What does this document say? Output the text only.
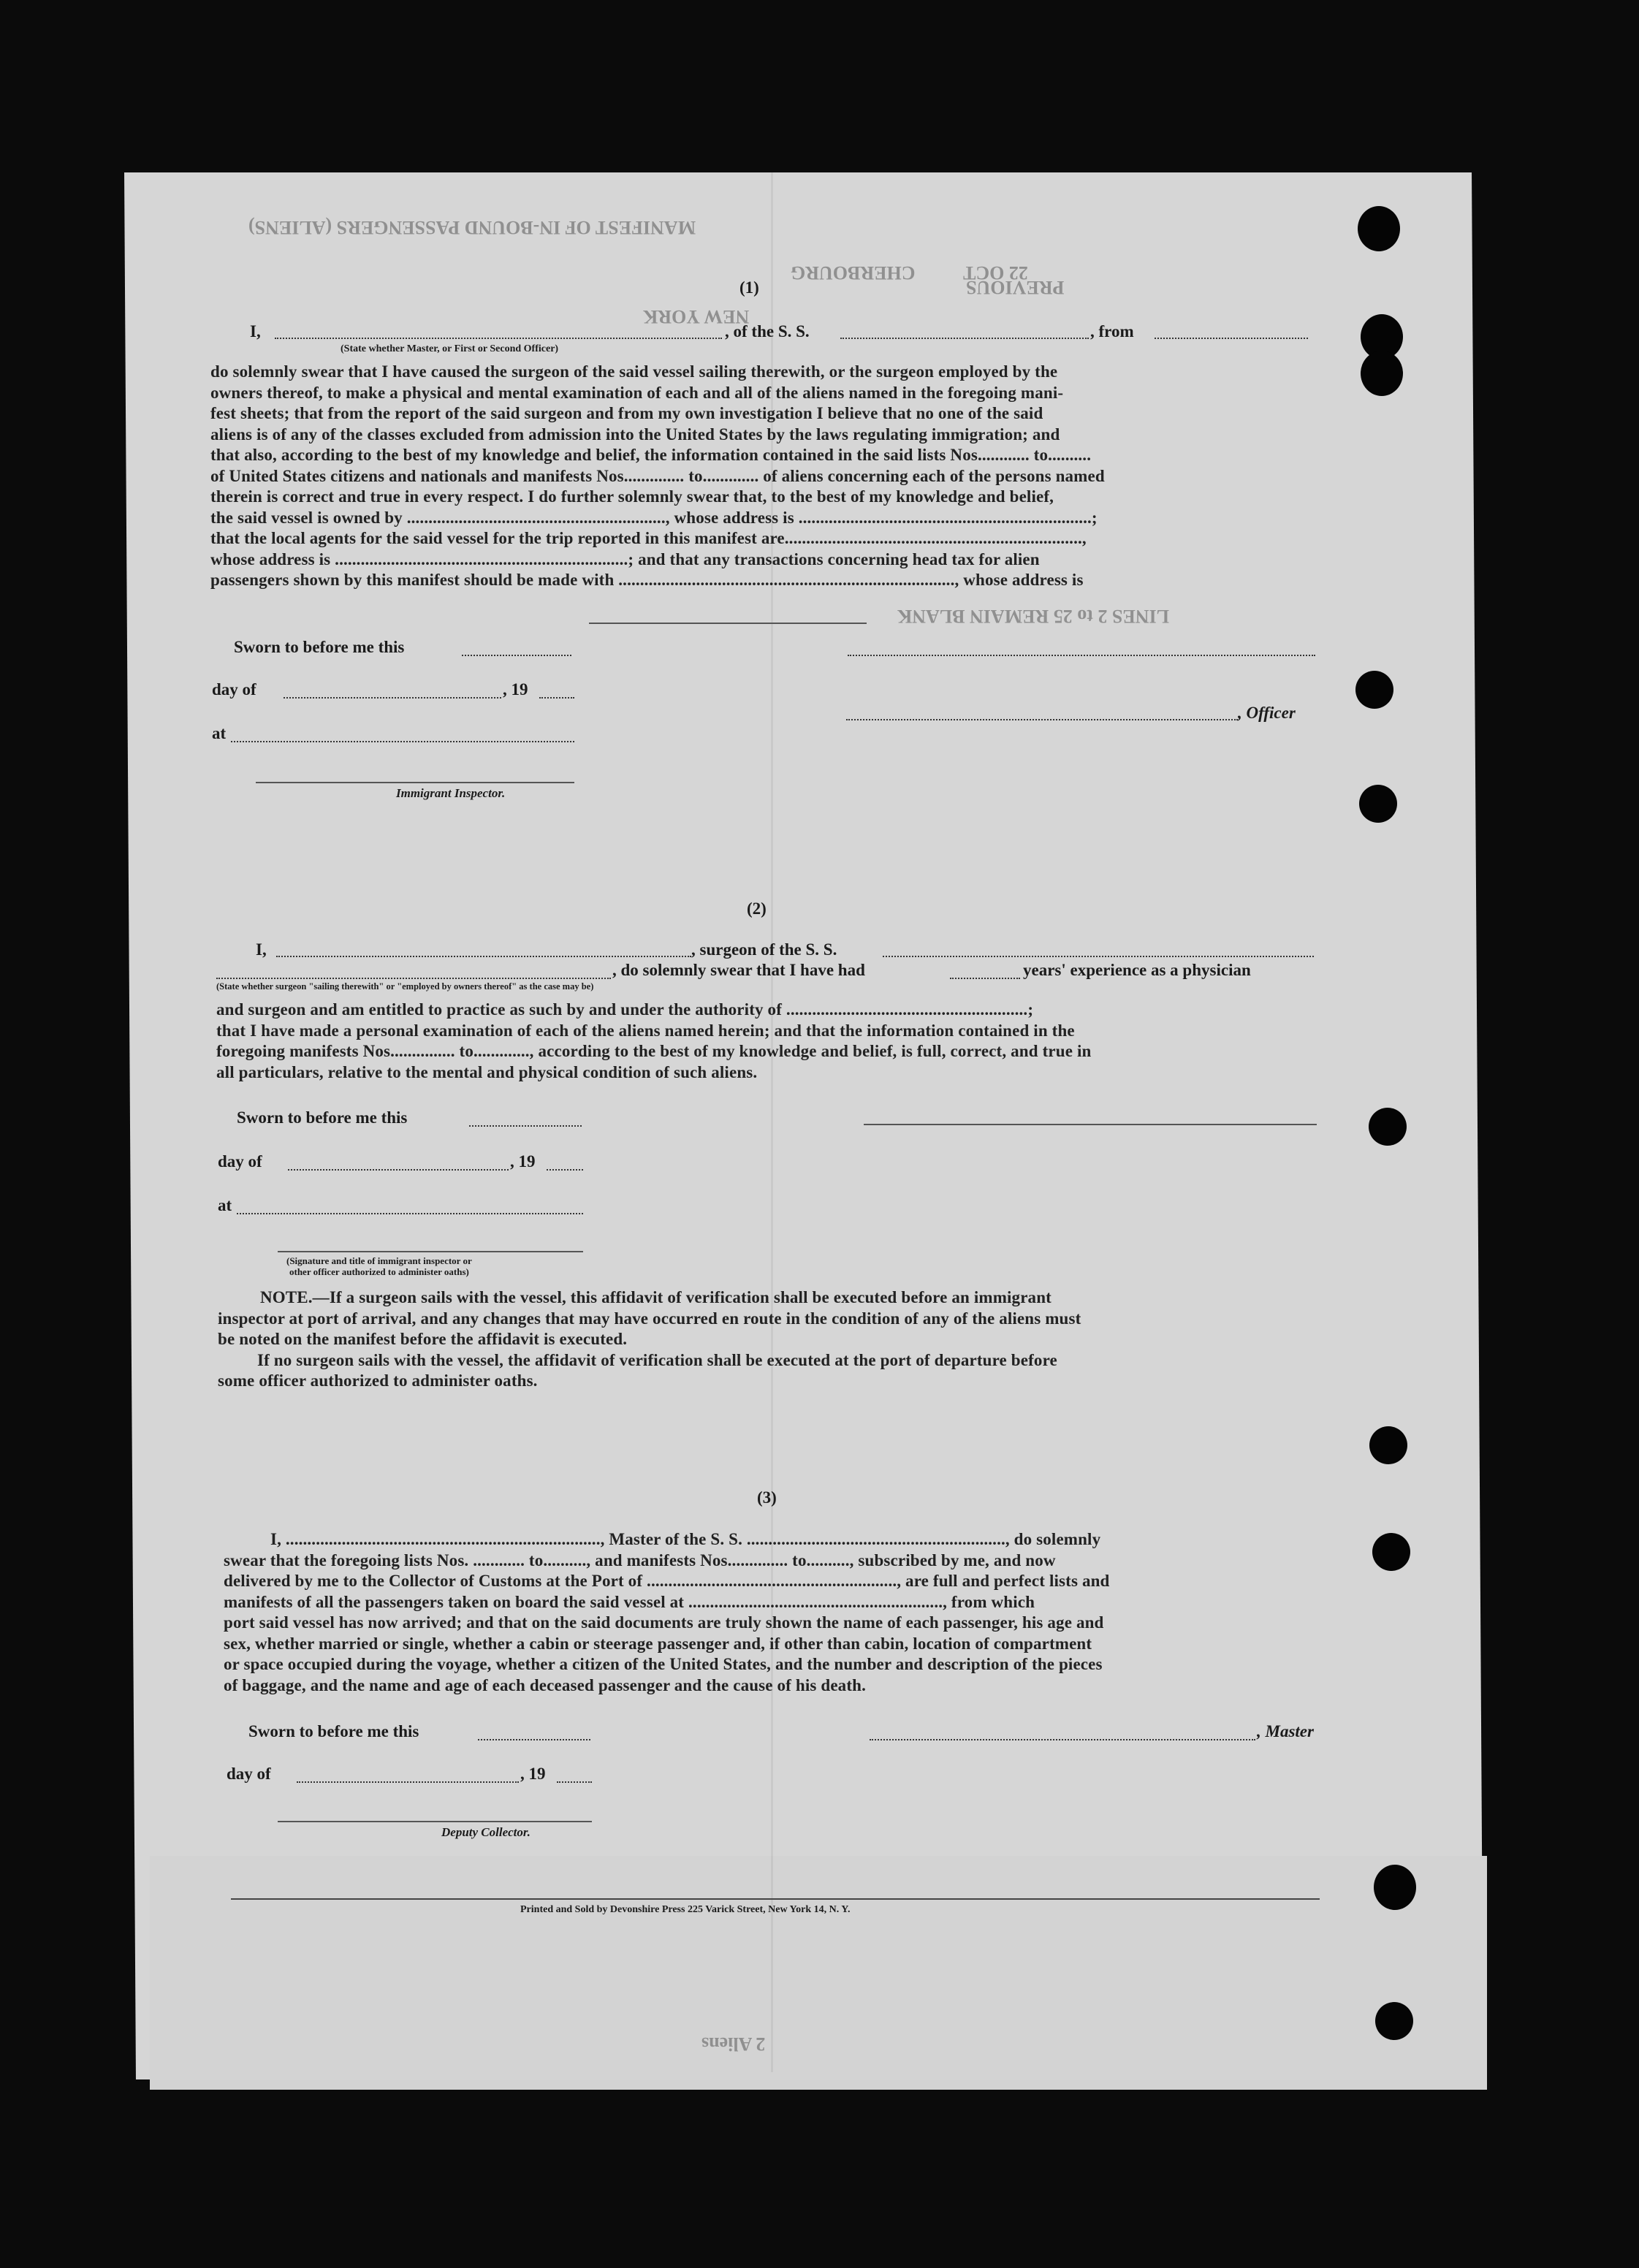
MANIFEST OF IN-BOUND PASSENGERS (ALIENS)
CHERBOURG	22 OCT
NEW YORK
PREVIOUS
LINES 2 to 25 REMAIN BLANK
2 Aliens
(1)
I,	, of the S. S.	, from
(State whether Master, or First or Second Officer)
do solemnly swear that I have caused the surgeon of the said vessel sailing therewith, or the surgeon employed by the
owners thereof, to make a physical and mental examination of each and all of the aliens named in the foregoing mani-
fest sheets; that from the report of the said surgeon and from my own investigation I believe that no one of the said
aliens is of any of the classes excluded from admission into the United States by the laws regulating immigration; and
that also, according to the best of my knowledge and belief, the information contained in the said lists Nos............ to..........
of United States citizens and nationals and manifests Nos.............. to............. of aliens concerning each of the persons named
therein is correct and true in every respect. I do further solemnly swear that, to the best of my knowledge and belief,
the said vessel is owned by ............................................................, whose address is ....................................................................;
that the local agents for the said vessel for the trip reported in this manifest are.....................................................................,
whose address is ....................................................................; and that any transactions concerning head tax for alien
passengers shown by this manifest should be made with .............................................................................., whose address is
Sworn to before me this
day of	, 19
, Officer
at
Immigrant Inspector.
(2)
I,	, surgeon of the S. S.
, do solemnly swear that I have had	years' experience as a physician
(State whether surgeon "sailing therewith" or "employed by owners thereof" as the case may be)
and surgeon and am entitled to practice as such by and under the authority of ........................................................;
that I have made a personal examination of each of the aliens named herein; and that the information contained in the
foregoing manifests Nos............... to............., according to the best of my knowledge and belief, is full, correct, and true in
all particulars, relative to the mental and physical condition of such aliens.
Sworn to before me this
day of	, 19
at
(Signature and title of immigrant inspector or
other officer authorized to administer oaths)
NOTE.—If a surgeon sails with the vessel, this affidavit of verification shall be executed before an immigrant
inspector at port of arrival, and any changes that may have occurred en route in the condition of any of the aliens must
be noted on the manifest before the affidavit is executed.
If no surgeon sails with the vessel, the affidavit of verification shall be executed at the port of departure before
some officer authorized to administer oaths.
(3)
I, ........................................................................., Master of the S. S. ............................................................, do solemnly
swear that the foregoing lists Nos. ............ to.........., and manifests Nos.............. to.........., subscribed by me, and now
delivered by me to the Collector of Customs at the Port of .........................................................., are full and perfect lists and
manifests of all the passengers taken on board the said vessel at ..........................................................., from which
port said vessel has now arrived; and that on the said documents are truly shown the name of each passenger, his age and
sex, whether married or single, whether a cabin or steerage passenger and, if other than cabin, location of compartment
or space occupied during the voyage, whether a citizen of the United States, and the number and description of the pieces
of baggage, and the name and age of each deceased passenger and the cause of his death.
Sworn to before me this	, Master
day of	, 19
Deputy Collector.
Printed and Sold by Devonshire Press 225 Varick Street, New York 14, N. Y.
